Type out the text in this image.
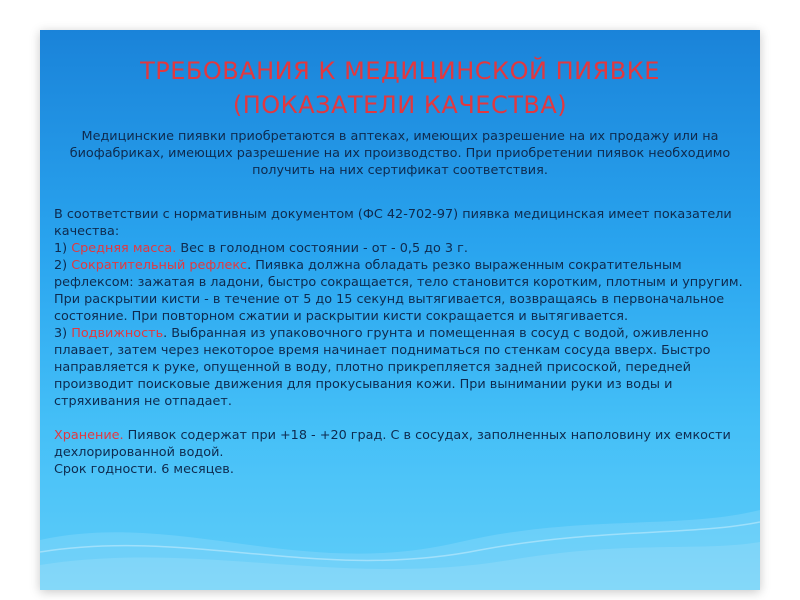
ТРЕБОВАНИЯ К МЕДИЦИНСКОЙ ПИЯВКЕ
(ПОКАЗАТЕЛИ КАЧЕСТВА)
Медицинские пиявки приобретаются в аптеках, имеющих разрешение на их продажу или на биофабриках, имеющих разрешение на их производство. При приобретении пиявок необходимо получить на них сертификат соответствия.

В соответствии с нормативным документом (ФС 42-702-97) пиявка медицинская имеет показатели качества:

1) Средняя масса. Вес в голодном состоянии - от - 0,5 до 3 г.

2) Сократительный рефлекс. Пиявка должна обладать резко выраженным сократительным рефлексом: зажатая в ладони, быстро сокращается, тело становится коротким, плотным и упругим. При раскрытии кисти - в течение от 5 до 15 секунд вытягивается, возвращаясь в первоначальное состояние. При повторном сжатии и раскрытии кисти сокращается и вытягивается.

3) Подвижность. Выбранная из упаковочного грунта и помещенная в сосуд с водой, оживленно плавает, затем через некоторое время начинает подниматься по стенкам сосуда вверх. Быстро направляется к руке, опущенной в воду, плотно прикрепляется задней присоской, передней производит поисковые движения для прокусывания кожи. При вынимании руки из воды и стряхивания не отпадает.

Хранение. Пиявок содержат при +18 - +20 град. С в сосудах, заполненных наполовину их емкости дехлорированной водой.

Срок годности. 6 месяцев.
